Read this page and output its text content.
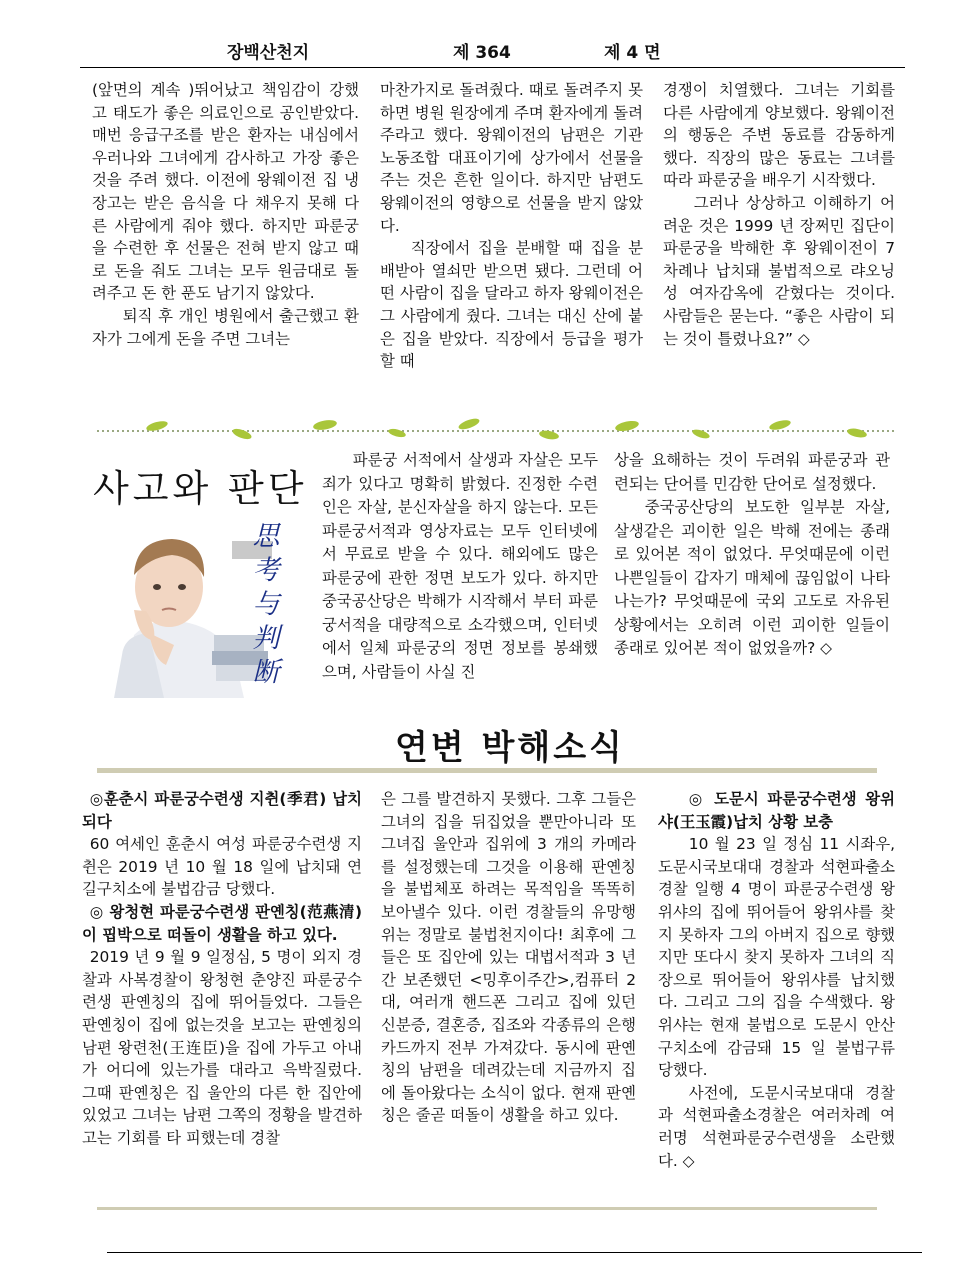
장백산천지	제 364	제 4 면

(앞면의 계속 )뛰어났고 책임감이 강했고 태도가 좋은 의료인으로 공인받았다. 매번 응급구조를 받은 환자는 내심에서 우러나와 그녀에게 감사하고 가장 좋은 것을 주려 했다. 이전에 왕웨이전 집 냉장고는 받은 음식을 다 채우지 못해 다른 사람에게 줘야 했다. 하지만 파룬궁을 수련한 후 선물은 전혀 받지 않고 때로 돈을 줘도 그녀는 모두 원금대로 돌려주고 돈 한 푼도 남기지 않았다.

퇴직 후 개인 병원에서 출근했고 환자가 그에게 돈을 주면 그녀는

마찬가지로 돌려줬다. 때로 돌려주지 못하면 병원 원장에게 주며 환자에게 돌려주라고 했다. 왕웨이전의 남편은 기관 노동조합 대표이기에 상가에서 선물을 주는 것은 흔한 일이다. 하지만 남편도 왕웨이전의 영향으로 선물을 받지 않았다.

직장에서 집을 분배할 때 집을 분배받아 열쇠만 받으면 됐다. 그런데 어떤 사람이 집을 달라고 하자 왕웨이전은 그 사람에게 줬다. 그녀는 대신 산에 붙은 집을 받았다. 직장에서 등급을 평가할 때

경쟁이 치열했다. 그녀는 기회를 다른 사람에게 양보했다. 왕웨이전의 행동은 주변 동료를 감동하게 했다. 직장의 많은 동료는 그녀를 따라 파룬궁을 배우기 시작했다.

그러나 상상하고 이해하기 어려운 것은 1999 년 장쩌민 집단이 파룬궁을 박해한 후 왕웨이전이 7 차례나 납치돼 불법적으로 랴오닝성 여자감옥에 갇혔다는 것이다. 사람들은 묻는다. “좋은 사람이 되는 것이 틀렸나요?” ◇

사고와 판단
思
考
与
判
断

파룬궁 서적에서 살생과 자살은 모두 죄가 있다고 명확히 밝혔다. 진정한 수련인은 자살, 분신자살을 하지 않는다. 모든 파룬궁서적과 영상자료는 모두 인터넷에서 무료로 받을 수 있다. 해외에도 많은 파룬궁에 관한 정면 보도가 있다. 하지만 중국공산당은 박해가 시작해서 부터 파룬궁서적을 대량적으로 소각했으며, 인터넷에서 일체 파룬궁의 정면 정보를 봉쇄했으며, 사람들이 사실 진

상을 요해하는 것이 두려워 파룬궁과 관련되는 단어를 민감한 단어로 설정했다.

중국공산당의 보도한 일부분 자살, 살생같은 괴이한 일은 박해 전에는 종래로 있어본 적이 없었다. 무엇때문에 이런 나쁜일들이 갑자기 매체에 끊임없이 나타나는가? 무엇때문에 국외 고도로 자유된 상황에서는 오히려 이런 괴이한 일들이 종래로 있어본 적이 없었을까? ◇

연변 박해소식

◎훈춘시 파룬궁수련생 지췬(季君) 납치되다

60 여세인 훈춘시 여성 파룬궁수련생 지췬은 2019 년 10 월 18 일에 납치돼 연길구치소에 불법감금 당했다.

◎ 왕청현 파룬궁수련생 판옌칭(范燕清)이 핍박으로 떠돌이 생활을 하고 있다.

2019 년 9 월 9 일정심, 5 명이 외지 경찰과 사복경찰이 왕청현 춘양진 파룬궁수련생 판옌칭의 집에 뛰어들었다. 그들은 판옌칭이 집에 없는것을 보고는 판옌칭의 남편 왕련천(王连臣)을 집에 가두고 아내가 어디에 있는가를 대라고 윽박질렀다. 그때 판옌칭은 집 울안의 다른 한 집안에 있었고 그녀는 남편 그쪽의 정황을 발견하고는 기회를 타 피했는데 경찰

은 그를 발견하지 못했다. 그후 그들은 그녀의 집을 뒤집었을 뿐만아니라 또 그녀집 울안과 집위에 3 개의 카메라를 설정했는데 그것을 이용해 판옌칭을 불법체포 하려는 목적임을 똑똑히 보아낼수 있다. 이런 경찰들의 유망행위는 정말로 불법천지이다! 최후에 그들은 또 집안에 있는 대법서적과 3 년간 보존했던 <밍후이주간>,컴퓨터 2 대, 여러개 핸드폰 그리고 집에 있던 신분증, 결혼증, 집조와 각종류의 은행카드까지 전부 가져갔다. 동시에 판옌칭의 남편을 데려갔는데 지금까지 집에 돌아왔다는 소식이 없다. 현재 판옌칭은 줄곧 떠돌이 생활을 하고 있다.

◎ 도문시 파룬궁수련생 왕위샤(王玉霞)납치 상황 보충

10 월 23 일 정심 11 시좌우, 도문시국보대대 경찰과 석현파출소경찰 일행 4 명이 파룬궁수련생 왕위샤의 집에 뛰어들어 왕위샤를 찾지 못하자 그의 아버지 집으로 향했지만 또다시 찾지 못하자 그녀의 직장으로 뛰어들어 왕위샤를 납치했다. 그리고 그의 집을 수색했다. 왕위샤는 현재 불법으로 도문시 안산구치소에 감금돼 15 일 불법구류 당했다.

사전에, 도문시국보대대 경찰과 석현파출소경찰은 여러차례 여러명 석현파룬궁수련생을 소란했다. ◇
